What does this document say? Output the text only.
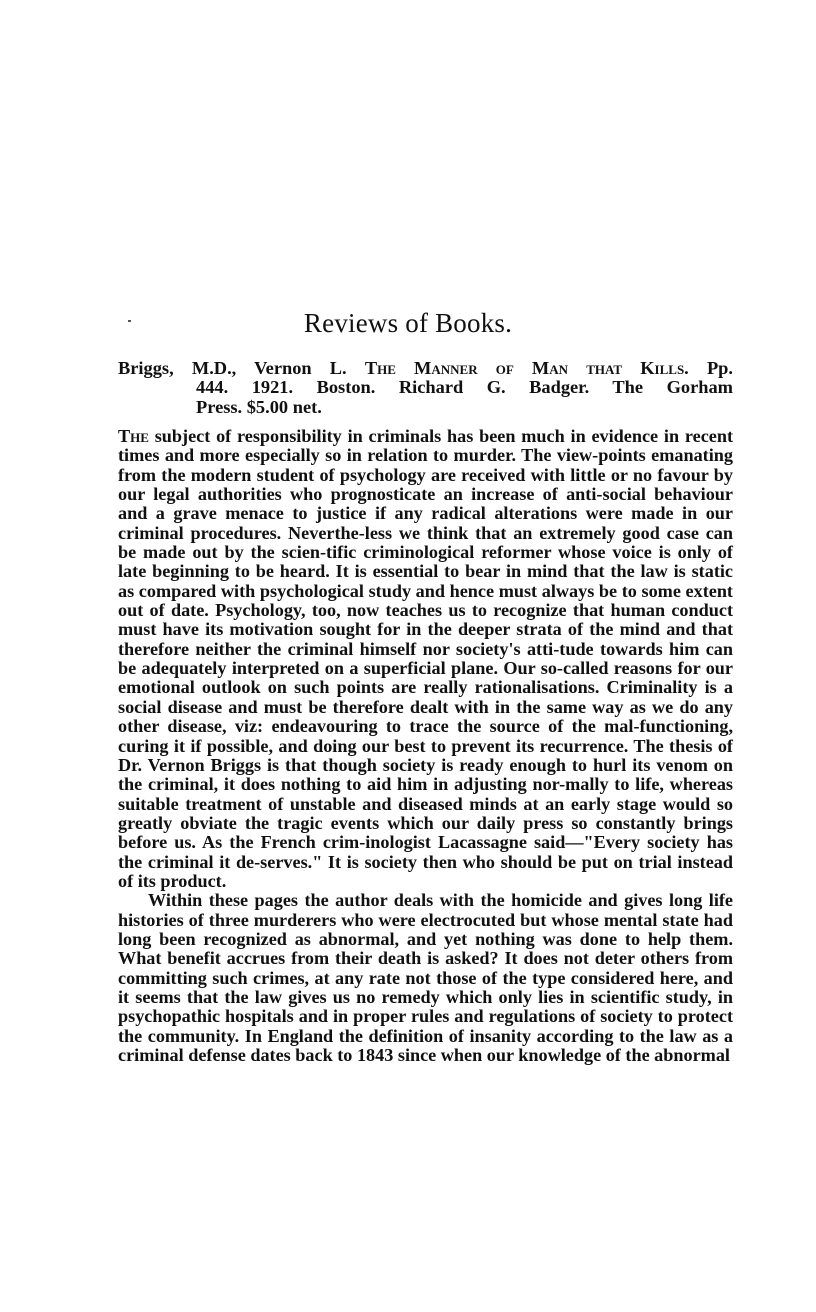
Reviews of Books.
Briggs, M.D., Vernon L. The Manner of Man that Kills. Pp.
444. 1921. Boston. Richard G. Badger. The Gorham
Press. $5.00 net.

The subject of responsibility in criminals has been much in evidence in recent times and more especially so in relation to murder. The view-points emanating from the modern student of psychology are received with little or no favour by our legal authorities who prognosticate an increase of anti-social behaviour and a grave menace to justice if any radical alterations were made in our criminal procedures. Neverthe-less we think that an extremely good case can be made out by the scien-tific criminological reformer whose voice is only of late beginning to be heard. It is essential to bear in mind that the law is static as compared with psychological study and hence must always be to some extent out of date. Psychology, too, now teaches us to recognize that human conduct must have its motivation sought for in the deeper strata of the mind and that therefore neither the criminal himself nor society's atti-tude towards him can be adequately interpreted on a superficial plane. Our so-called reasons for our emotional outlook on such points are really rationalisations. Criminality is a social disease and must be therefore dealt with in the same way as we do any other disease, viz: endeavouring to trace the source of the mal-functioning, curing it if possible, and doing our best to prevent its recurrence. The thesis of Dr. Vernon Briggs is that though society is ready enough to hurl its venom on the criminal, it does nothing to aid him in adjusting nor-mally to life, whereas suitable treatment of unstable and diseased minds at an early stage would so greatly obviate the tragic events which our daily press so constantly brings before us. As the French crim-inologist Lacassagne said—"Every society has the criminal it de-serves." It is society then who should be put on trial instead of its product.

Within these pages the author deals with the homicide and gives long life histories of three murderers who were electrocuted but whose mental state had long been recognized as abnormal, and yet nothing was done to help them. What benefit accrues from their death is asked? It does not deter others from committing such crimes, at any rate not those of the type considered here, and it seems that the law gives us no remedy which only lies in scientific study, in psychopathic hospitals and in proper rules and regulations of society to protect the community. In England the definition of insanity according to the law as a criminal defense dates back to 1843 since when our knowledge of the abnormal
